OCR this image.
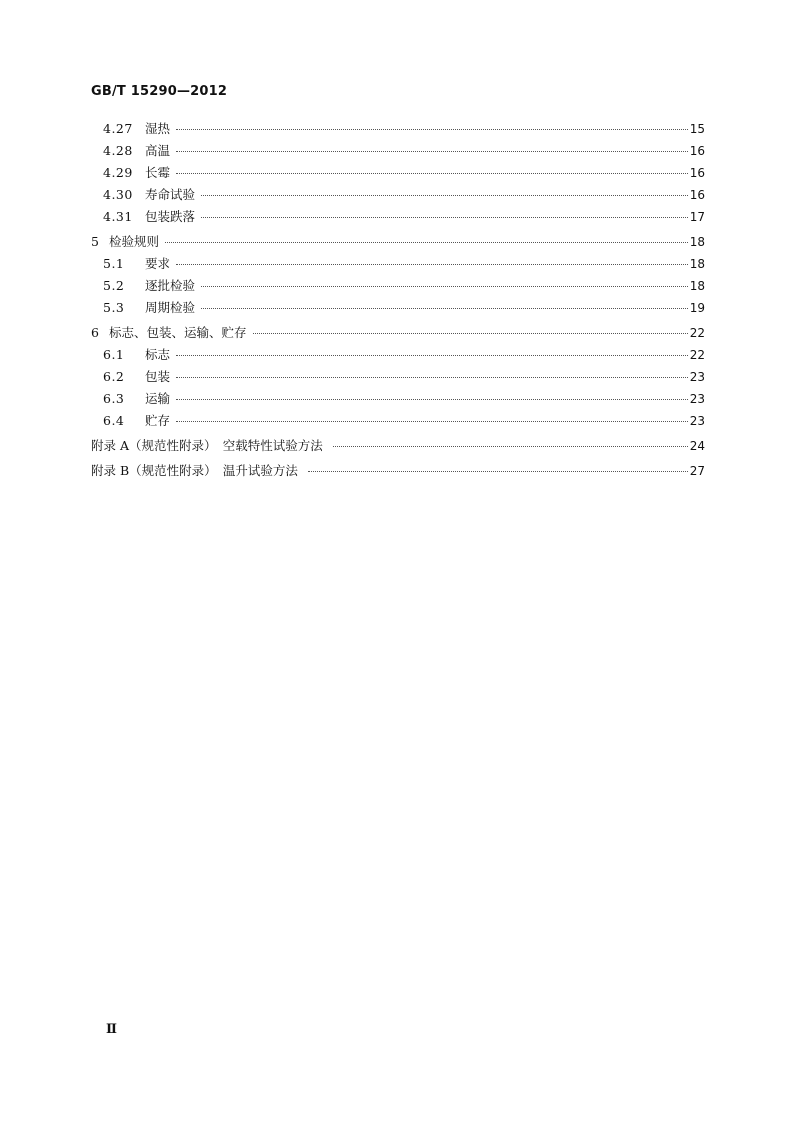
GB/T 15290—2012
4.27 湿热	15
4.28 高温	16
4.29 长霉	16
4.30 寿命试验	16
4.31 包装跌落	17
5 检验规则	18
5.1	要求	18
5.2	逐批检验	18
5.3	周期检验	19
6 标志、包装、运输、贮存	22
6.1	标志	22
6.2	包装	23
6.3	运输	23
6.4	贮存	23
附录 A（规范性附录）　空载特性试验方法	24
附录 B（规范性附录）　温升试验方法	27
Ⅱ
